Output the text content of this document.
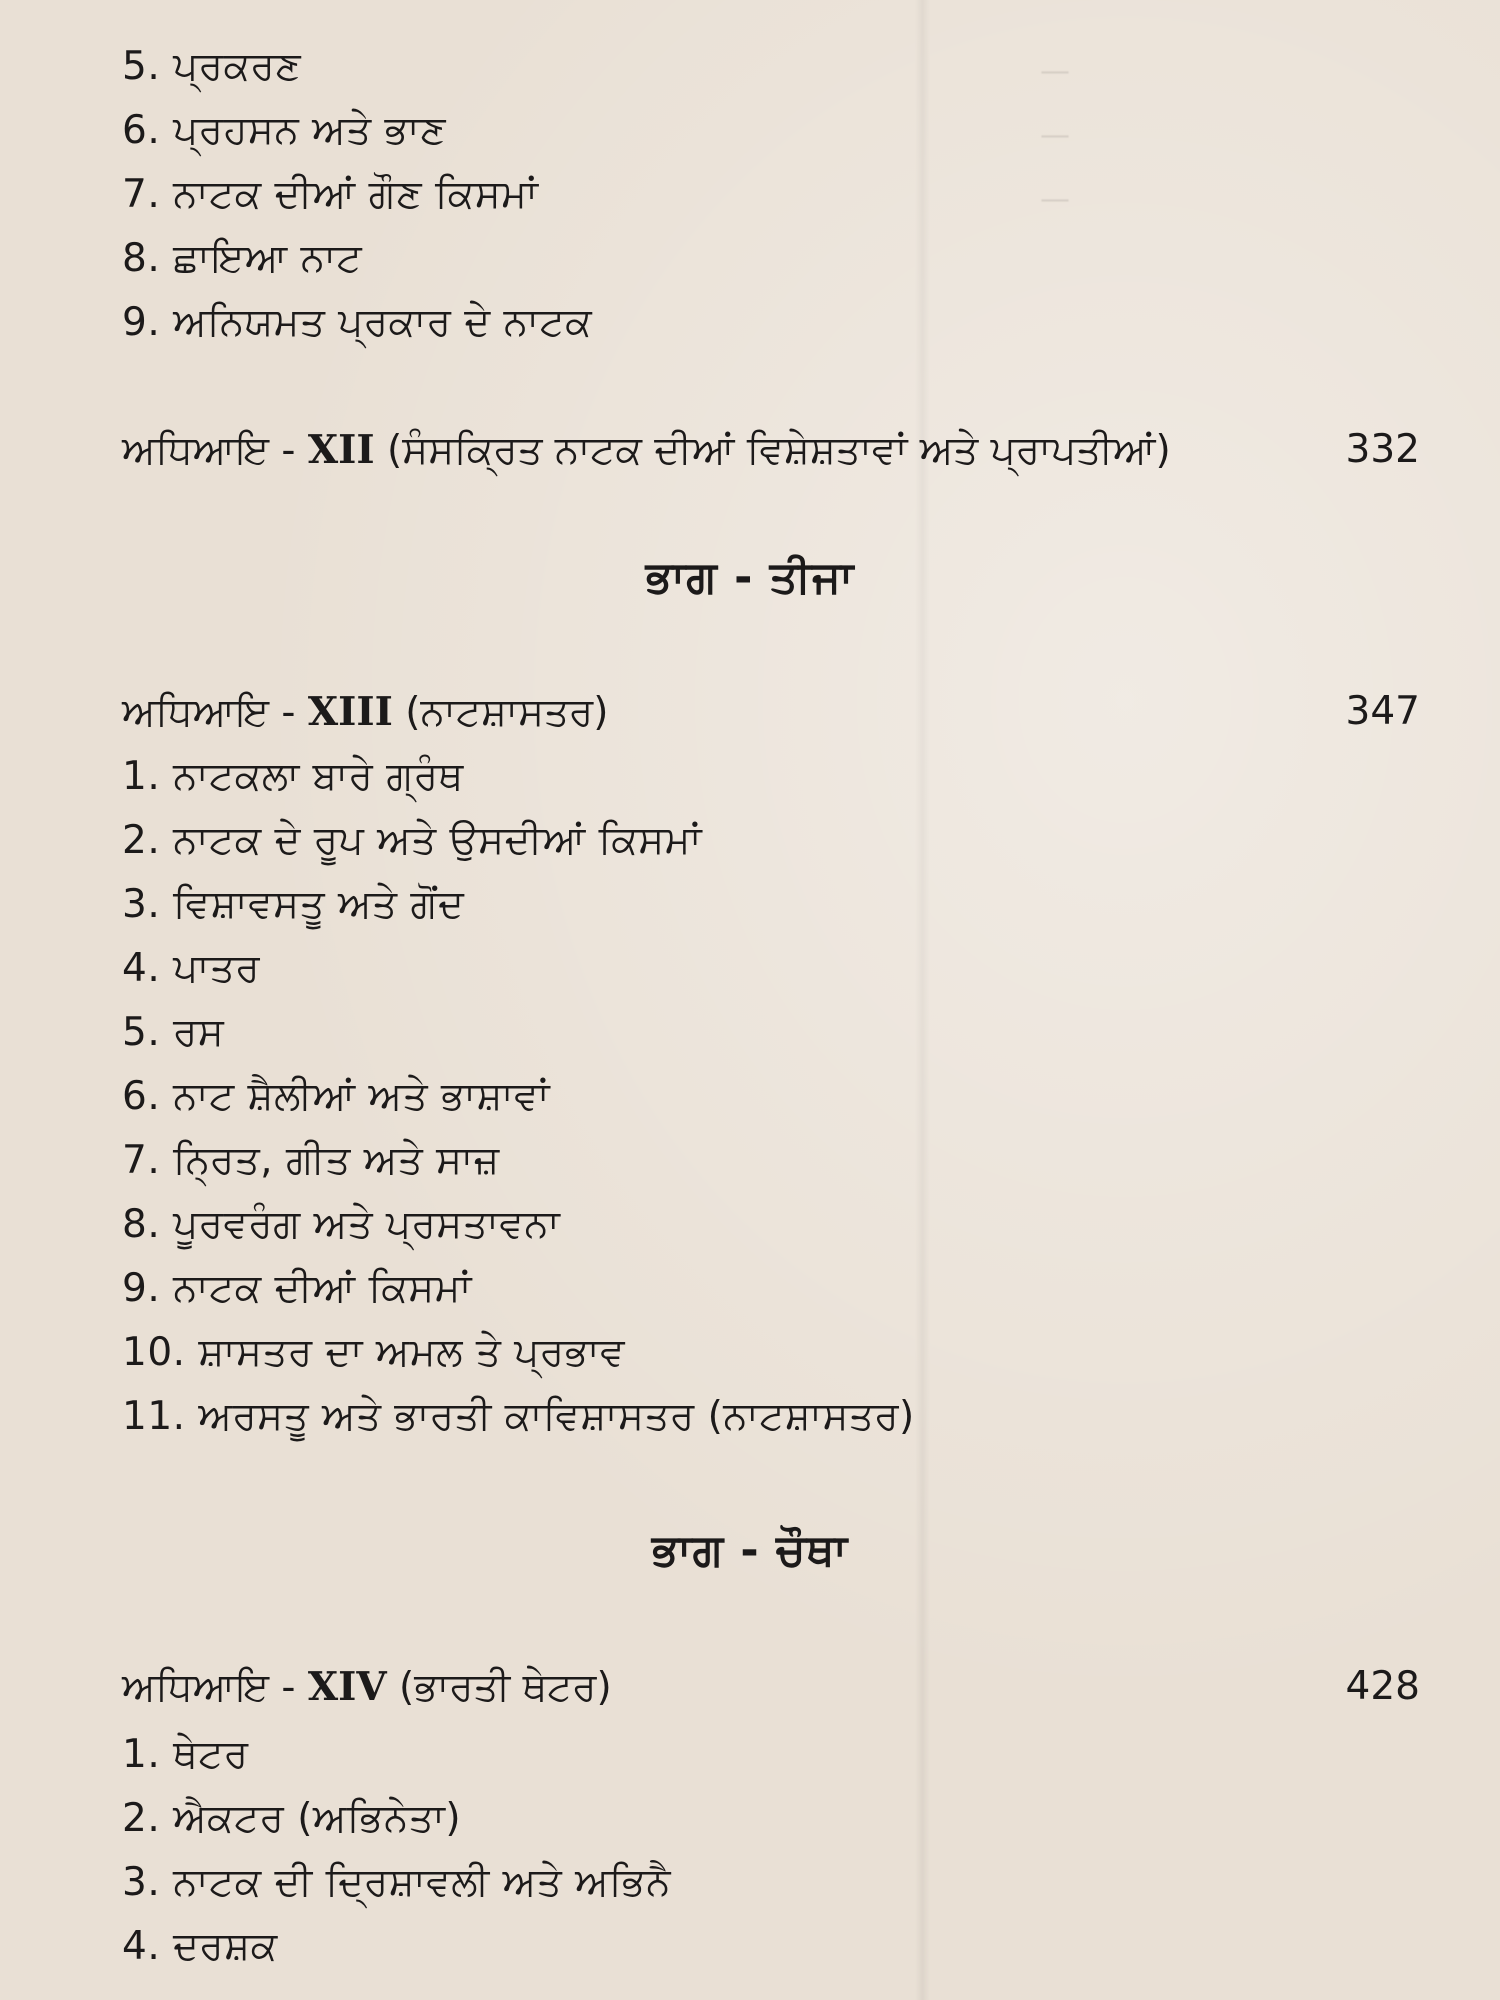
—
—
—
5. ਪ੍ਰਕਰਣ
6. ਪ੍ਰਹਸਨ ਅਤੇ ਭਾਣ
7. ਨਾਟਕ ਦੀਆਂ ਗੌਣ ਕਿਸਮਾਂ
8. ਛਾਇਆ ਨਾਟ
9. ਅਨਿਯਮਤ ਪ੍ਰਕਾਰ ਦੇ ਨਾਟਕ
ਅਧਿਆਇ - XII (ਸੰਸਕ੍ਰਿਤ ਨਾਟਕ ਦੀਆਂ ਵਿਸ਼ੇਸ਼ਤਾਵਾਂ ਅਤੇ ਪ੍ਰਾਪਤੀਆਂ)	332
ਭਾਗ - ਤੀਜਾ
ਅਧਿਆਇ - XIII (ਨਾਟਸ਼ਾਸਤਰ)	347
1. ਨਾਟਕਲਾ ਬਾਰੇ ਗ੍ਰੰਥ
2. ਨਾਟਕ ਦੇ ਰੂਪ ਅਤੇ ਉਸਦੀਆਂ ਕਿਸਮਾਂ
3. ਵਿਸ਼ਾਵਸਤੂ ਅਤੇ ਗੋਂਦ
4. ਪਾਤਰ
5. ਰਸ
6. ਨਾਟ ਸ਼ੈਲੀਆਂ ਅਤੇ ਭਾਸ਼ਾਵਾਂ
7. ਨ੍ਰਿਤ, ਗੀਤ ਅਤੇ ਸਾਜ਼
8. ਪੂਰਵਰੰਗ ਅਤੇ ਪ੍ਰਸਤਾਵਨਾ
9. ਨਾਟਕ ਦੀਆਂ ਕਿਸਮਾਂ
10. ਸ਼ਾਸਤਰ ਦਾ ਅਮਲ ਤੇ ਪ੍ਰਭਾਵ
11. ਅਰਸਤੂ ਅਤੇ ਭਾਰਤੀ ਕਾਵਿਸ਼ਾਸਤਰ (ਨਾਟਸ਼ਾਸਤਰ)
ਭਾਗ - ਚੌਥਾ
ਅਧਿਆਇ - XIV (ਭਾਰਤੀ ਥੇਟਰ)	428
1. ਥੇਟਰ
2. ਐਕਟਰ (ਅਭਿਨੇਤਾ)
3. ਨਾਟਕ ਦੀ ਦ੍ਰਿਸ਼ਾਵਲੀ ਅਤੇ ਅਭਿਨੈ
4. ਦਰਸ਼ਕ
